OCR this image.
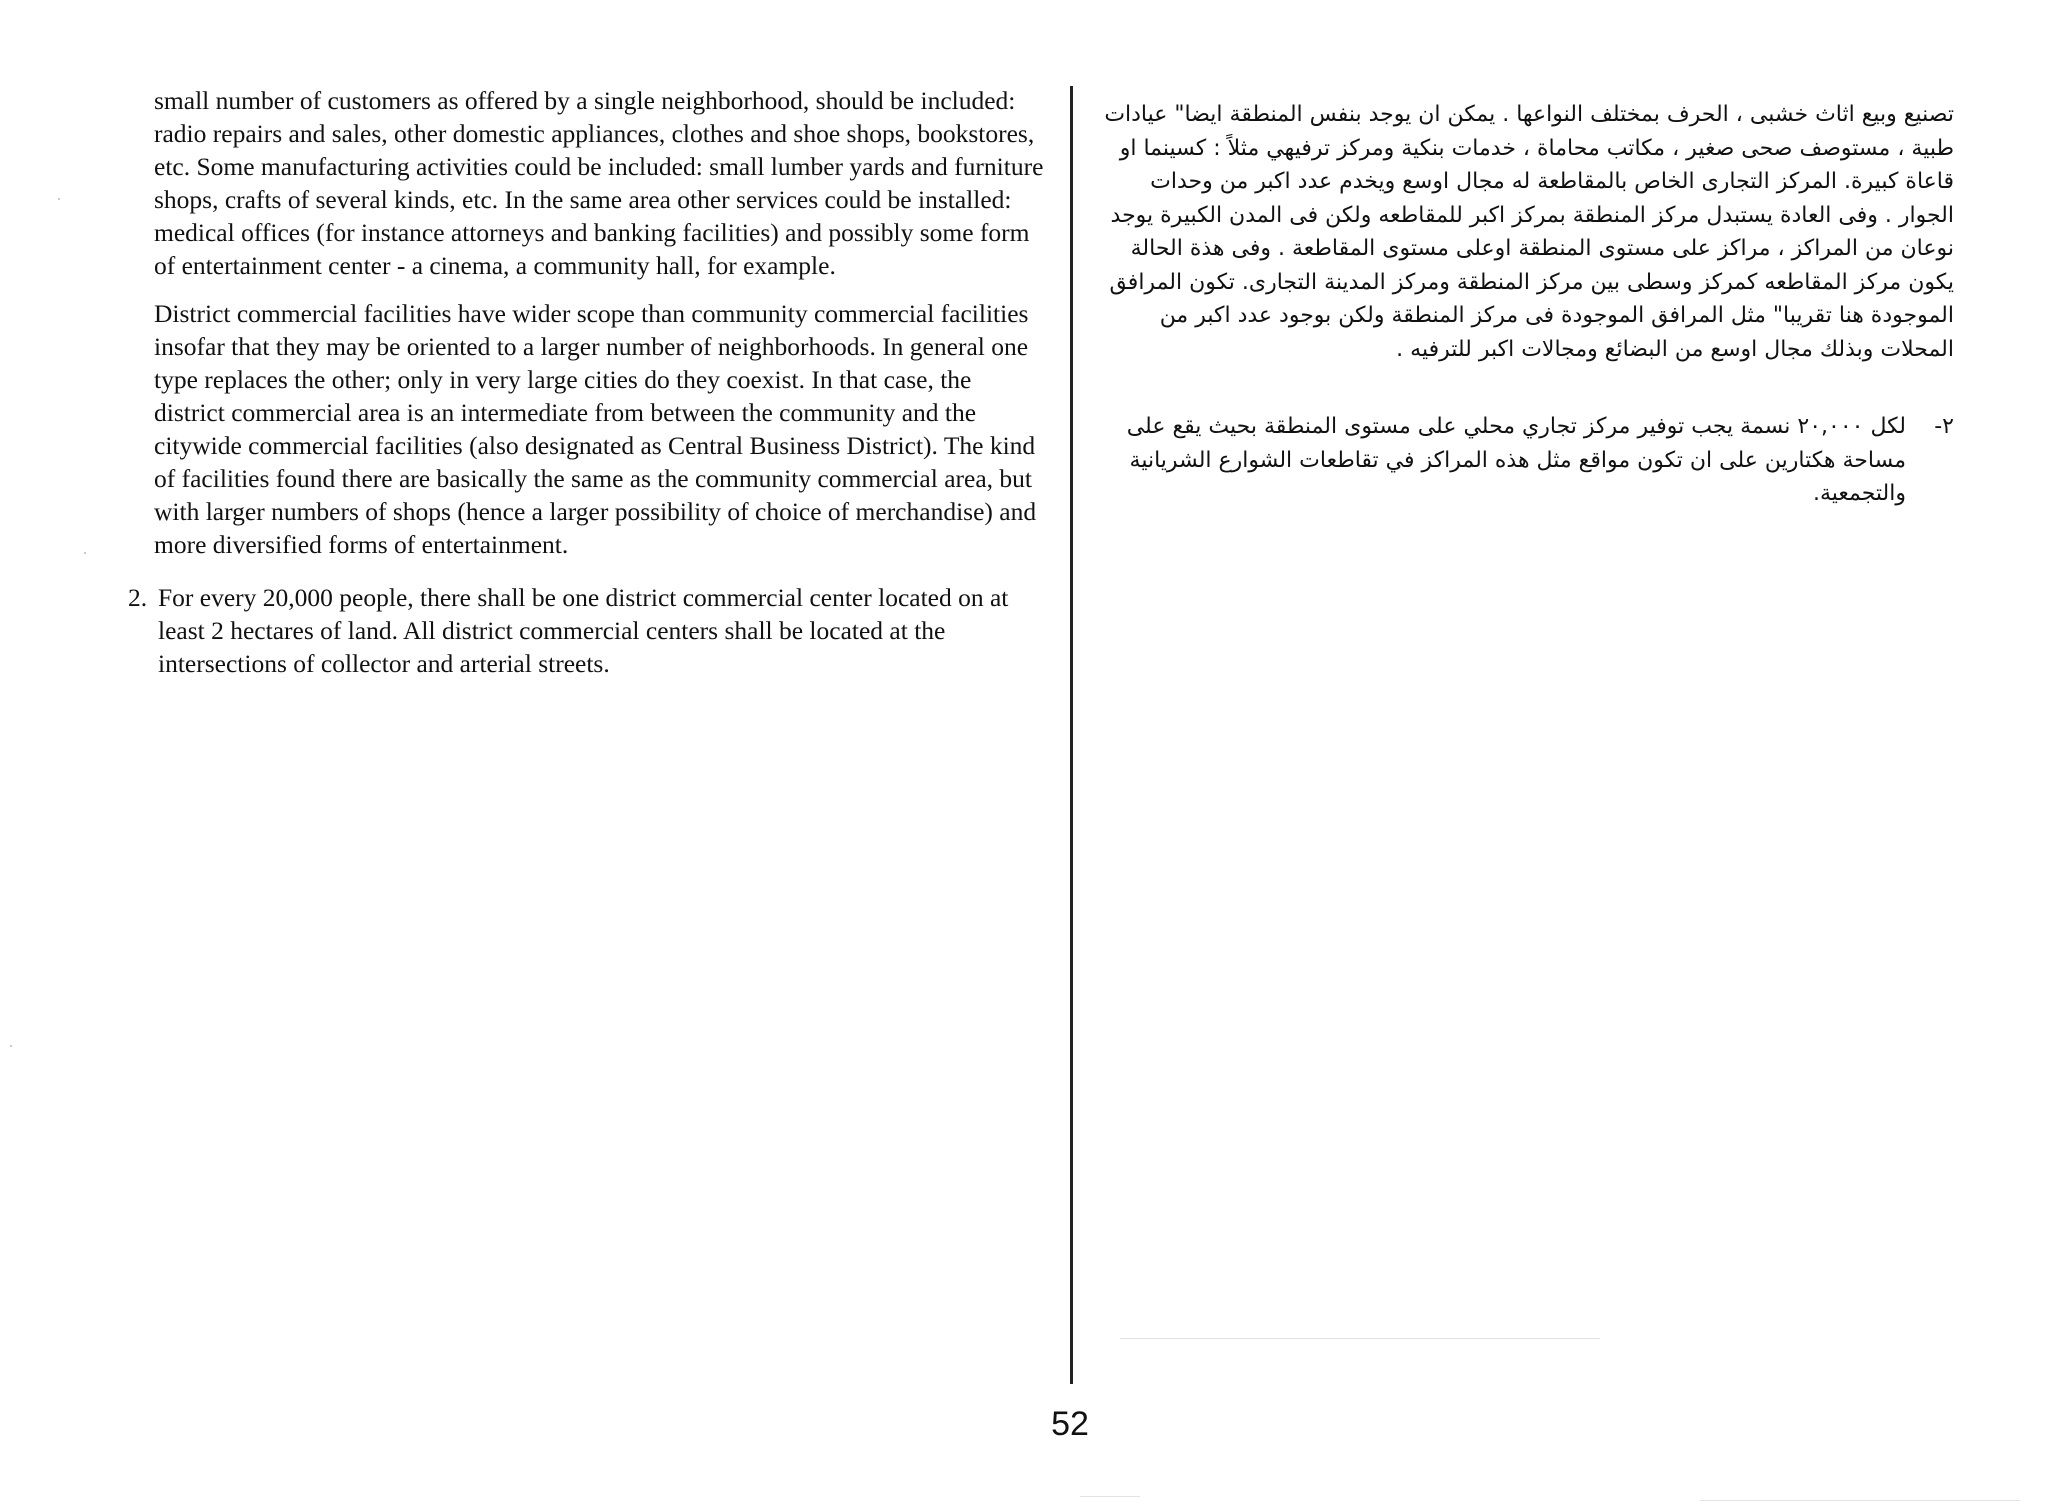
small number of customers as offered by a single neighborhood, should be included: radio repairs and sales, other domestic appliances, clothes and shoe shops, bookstores, etc. Some manufacturing activities could be included: small lumber yards and furniture shops, crafts of several kinds, etc. In the same area other services could be installed: medical offices (for instance attorneys and banking facilities) and possibly some form of entertainment center - a cinema, a community hall, for example.

District commercial facilities have wider scope than community commercial facilities insofar that they may be oriented to a larger number of neighborhoods. In general one type replaces the other; only in very large cities do they coexist. In that case, the district commercial area is an intermediate from between the community and the citywide commercial facilities (also designated as Central Business District). The kind of facilities found there are basically the same as the community commercial area, but with larger numbers of shops (hence a larger possibility of choice of merchandise) and more diversified forms of entertainment.

2. For every 20,000 people, there shall be one district commercial center located on at least 2 hectares of land. All district commercial centers shall be located at the intersections of collector and arterial streets.

تصنيع وبيع اثاث خشبى ، الحرف بمختلف النواعها . يمكن ان يوجد بنفس المنطقة ايضا" عيادات طبية ، مستوصف صحى صغير ، مكاتب محاماة ، خدمات بنكية ومركز ترفيهي مثلاً : كسينما او قاعاة كبيرة. المركز التجارى الخاص بالمقاطعة له مجال اوسع ويخدم عدد اكبر من وحدات الجوار . وفى العادة يستبدل مركز المنطقة بمركز اكبر للمقاطعه ولكن فى المدن الكبيرة يوجد نوعان من المراكز ، مراكز على مستوى المنطقة اوعلى مستوى المقاطعة . وفى هذة الحالة يكون مركز المقاطعه كمركز وسطى بين مركز المنطقة ومركز المدينة التجارى. تكون المرافق الموجودة هنا تقريبا" مثل المرافق الموجودة فى مركز المنطقة ولكن بوجود عدد اكبر من المحلات وبذلك مجال اوسع من البضائع ومجالات اكبر للترفيه .

٢-
لكل ٢٠,٠٠٠ نسمة يجب توفير مركز تجاري محلي على مستوى المنطقة بحيث يقع على مساحة هكتارين على ان تكون مواقع مثل هذه المراكز في تقاطعات الشوارع الشريانية والتجمعية.
52
